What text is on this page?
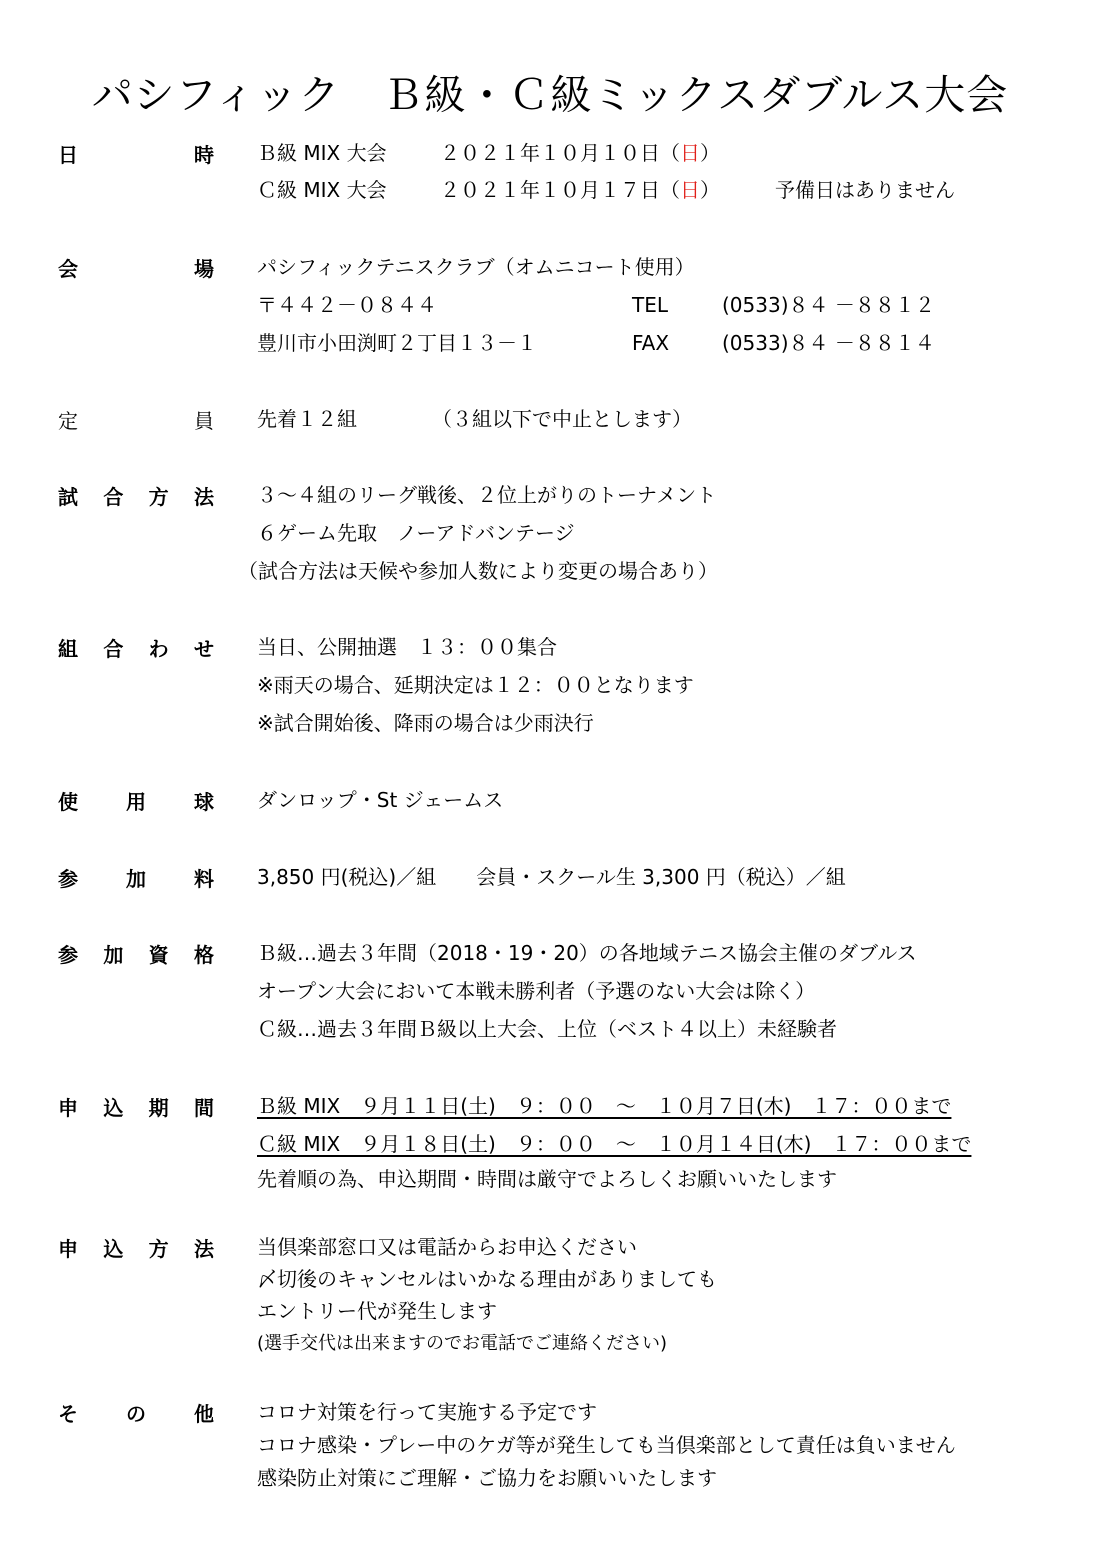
パシフィック　Ｂ級・Ｃ級ミックスダブルス大会
日	時 Ｂ級 MIX 大会	２０２１年１０月１０日（日）
Ｃ級 MIX 大会	２０２１年１０月１７日（日）	予備日はありません
会	場 パシフィックテニスクラブ（オムニコート使用）
〒４４２－０８４４	TEL	(0533)８４ －８８１２
豊川市小田渕町２丁目１３－１	FAX	(0533)８４ －８８１４
定	員 先着１２組	（３組以下で中止とします）
試 合 方 法 ３～４組のリーグ戦後、２位上がりのトーナメント
６ゲーム先取　ノーアドバンテージ
（試合方法は天候や参加人数により変更の場合あり）
組 合 わ せ 当日、公開抽選　１３：００集合
※雨天の場合、延期決定は１２：００となります
※試合開始後、降雨の場合は少雨決行
使 用 球 ダンロップ・St ジェームス
参 加 料 3,850 円(税込)／組　　会員・スクール生 3,300 円（税込）／組
参 加 資 格 Ｂ級…過去３年間（2018・19・20）の各地域テニス協会主催のダブルス
オープン大会において本戦未勝利者（予選のない大会は除く）
Ｃ級…過去３年間Ｂ級以上大会、上位（ベスト４以上）未経験者
申 込 期 間 Ｂ級 MIX　９月１１日(土)　９：００　～　１０月７日(木)　１７：００まで
Ｃ級 MIX　９月１８日(土)　９：００　～　１０月１４日(木)　１７：００まで
先着順の為、申込期間・時間は厳守でよろしくお願いいたします
申 込 方 法 当倶楽部窓口又は電話からお申込ください
〆切後のキャンセルはいかなる理由がありましても
エントリー代が発生します
(選手交代は出来ますのでお電話でご連絡ください)
そ の 他 コロナ対策を行って実施する予定です
コロナ感染・プレー中のケガ等が発生しても当倶楽部として責任は負いません
感染防止対策にご理解・ご協力をお願いいたします
